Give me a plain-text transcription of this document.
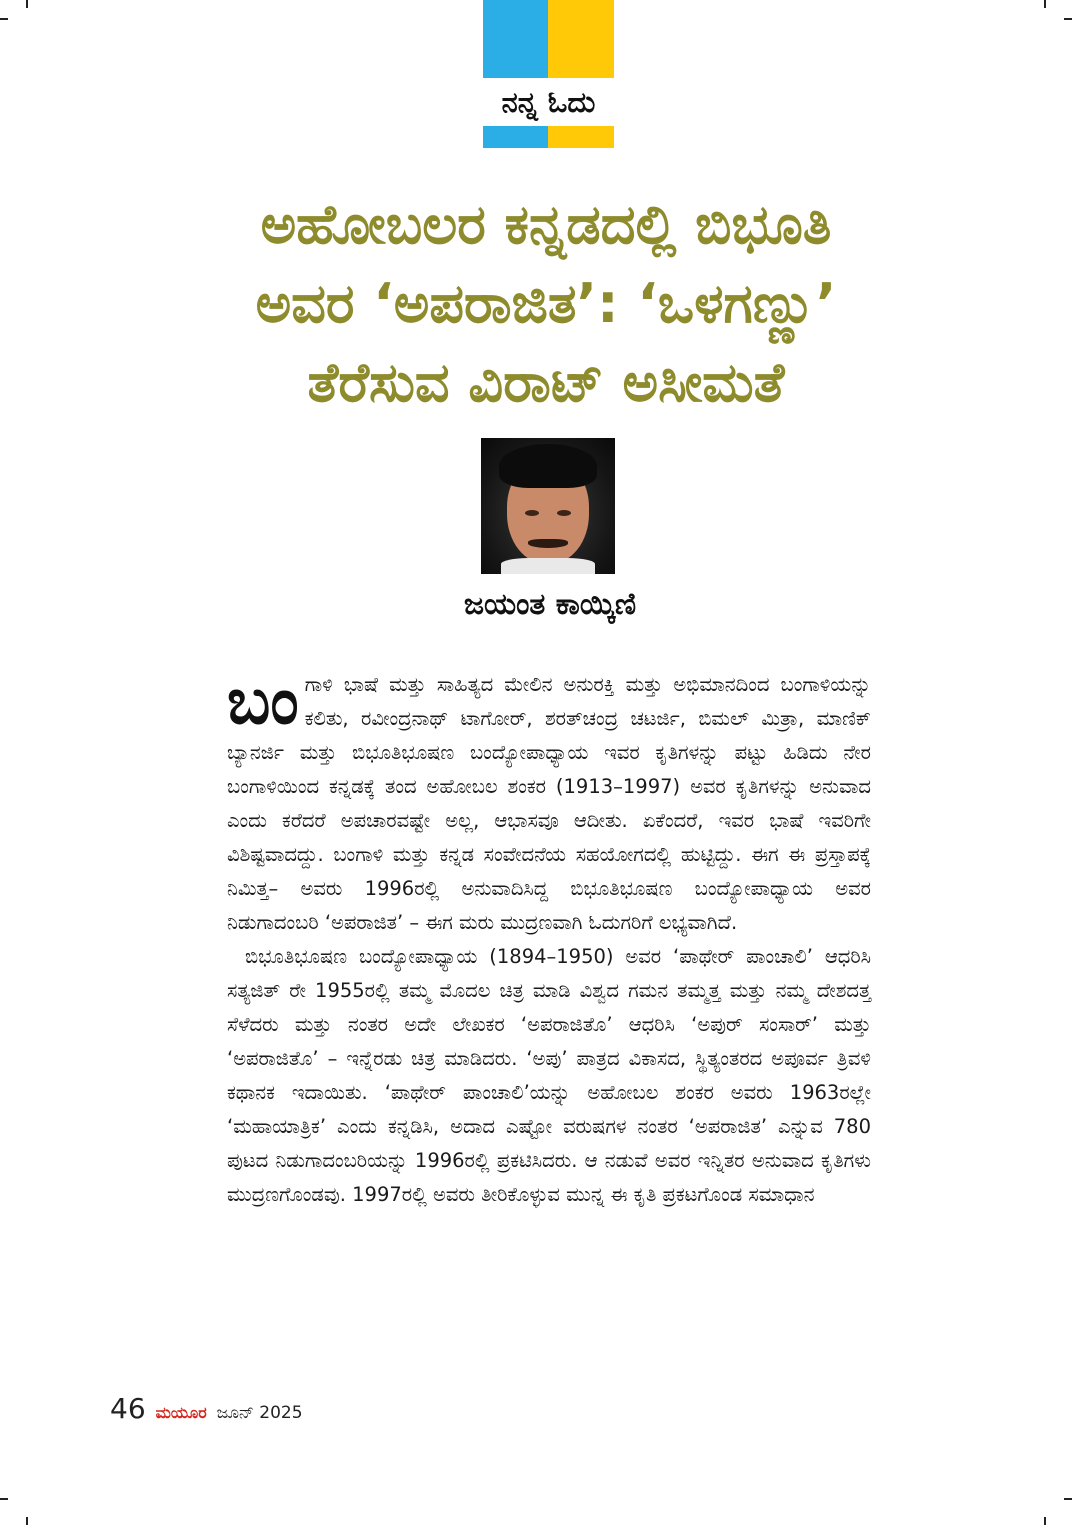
ನನ್ನ ಓದು
ಅಹೋಬಲರ ಕನ್ನಡದಲ್ಲಿ ಬಿಭೂತಿ
ಅವರ ‘ಅಪರಾಜಿತ’: ‘ಒಳಗಣ್ಣು’
ತೆರೆಸುವ ವಿರಾಟ್ ಅಸೀಮತೆ
ಜಯಂತ ಕಾಯ್ಕಿಣಿ

ಬಂಗಾಳಿ ಭಾಷೆ ಮತ್ತು ಸಾಹಿತ್ಯದ ಮೇಲಿನ ಅನುರಕ್ತಿ ಮತ್ತು ಅಭಿಮಾನದಿಂದ ಬಂಗಾಳಿಯನ್ನು ಕಲಿತು, ರವೀಂದ್ರನಾಥ್ ಟಾಗೋರ್, ಶರತ್‌ಚಂದ್ರ ಚಟರ್ಜಿ, ಬಿಮಲ್ ಮಿತ್ರಾ, ಮಾಣಿಕ್ ಬ್ಯಾನರ್ಜಿ ಮತ್ತು ಬಿಭೂತಿಭೂಷಣ ಬಂದ್ಯೋಪಾಧ್ಯಾಯ ಇವರ ಕೃತಿಗಳನ್ನು ಪಟ್ಟು ಹಿಡಿದು ನೇರ ಬಂಗಾಳಿಯಿಂದ ಕನ್ನಡಕ್ಕೆ ತಂದ ಅಹೋಬಲ ಶಂಕರ (1913–1997) ಅವರ ಕೃತಿಗಳನ್ನು ಅನುವಾದ ಎಂದು ಕರೆದರೆ ಅಪಚಾರವಷ್ಟೇ ಅಲ್ಲ, ಆಭಾಸವೂ ಆದೀತು. ಏಕೆಂದರೆ, ಇವರ ಭಾಷೆ ಇವರಿಗೇ ವಿಶಿಷ್ಟವಾದದ್ದು. ಬಂಗಾಳಿ ಮತ್ತು ಕನ್ನಡ ಸಂವೇದನೆಯ ಸಹಯೋಗದಲ್ಲಿ ಹುಟ್ಟಿದ್ದು. ಈಗ ಈ ಪ್ರಸ್ತಾಪಕ್ಕೆ ನಿಮಿತ್ತ– ಅವರು 1996ರಲ್ಲಿ ಅನುವಾದಿಸಿದ್ದ ಬಿಭೂತಿಭೂಷಣ ಬಂದ್ಯೋಪಾಧ್ಯಾಯ ಅವರ ನಿಡುಗಾದಂಬರಿ ‘ಅಪರಾಜಿತ’ – ಈಗ ಮರು ಮುದ್ರಣವಾಗಿ ಓದುಗರಿಗೆ ಲಭ್ಯವಾಗಿದೆ.

ಬಿಭೂತಿಭೂಷಣ ಬಂದ್ಯೋಪಾಧ್ಯಾಯ (1894–1950) ಅವರ ‘ಪಾಥೇರ್ ಪಾಂಚಾಲಿ’ ಆಧರಿಸಿ ಸತ್ಯಜಿತ್ ರೇ 1955ರಲ್ಲಿ ತಮ್ಮ ಮೊದಲ ಚಿತ್ರ ಮಾಡಿ ವಿಶ್ವದ ಗಮನ ತಮ್ಮತ್ತ ಮತ್ತು ನಮ್ಮ ದೇಶದತ್ತ ಸೆಳೆದರು ಮತ್ತು ನಂತರ ಅದೇ ಲೇಖಕರ ‘ಅಪರಾಜಿತೊ’ ಆಧರಿಸಿ ‘ಅಪುರ್ ಸಂಸಾರ್’ ಮತ್ತು ‘ಅಪರಾಜಿತೊ’ – ಇನ್ನೆರಡು ಚಿತ್ರ ಮಾಡಿದರು. ‘ಅಪು’ ಪಾತ್ರದ ವಿಕಾಸದ, ಸ್ಥಿತ್ಯಂತರದ ಅಪೂರ್ವ ತ್ರಿವಳಿ ಕಥಾನಕ ಇದಾಯಿತು. ‘ಪಾಥೇರ್ ಪಾಂಚಾಲಿ’ಯನ್ನು ಅಹೋಬಲ ಶಂಕರ ಅವರು 1963ರಲ್ಲೇ ‘ಮಹಾಯಾತ್ರಿಕ’ ಎಂದು ಕನ್ನಡಿಸಿ, ಅದಾದ ಎಷ್ಟೋ ವರುಷಗಳ ನಂತರ ‘ಅಪರಾಜಿತ’ ಎನ್ನುವ 780 ಪುಟದ ನಿಡುಗಾದಂಬರಿಯನ್ನು 1996ರಲ್ಲಿ ಪ್ರಕಟಿಸಿದರು. ಆ ನಡುವೆ ಅವರ ಇನ್ನಿತರ ಅನುವಾದ ಕೃತಿಗಳು ಮುದ್ರಣಗೊಂಡವು. 1997ರಲ್ಲಿ ಅವರು ತೀರಿಕೊಳ್ಳುವ ಮುನ್ನ ಈ ಕೃತಿ ಪ್ರಕಟಗೊಂಡ ಸಮಾಧಾನ

46 ಮಯೂರ ಜೂನ್ 2025
